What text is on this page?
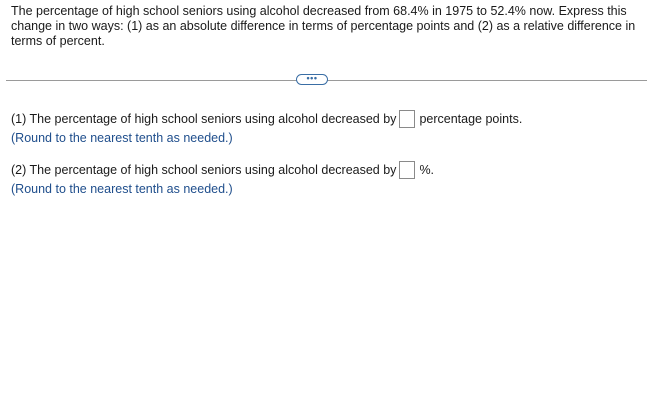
The percentage of high school seniors using alcohol decreased from 68.4% in 1975 to 52.4% now. Express this change in two ways: (1) as an absolute difference in terms of percentage points and (2) as a relative difference in terms of percent.
•••
(1) The percentage of high school seniors using alcohol decreased by percentage points.
(Round to the nearest tenth as needed.)
(2) The percentage of high school seniors using alcohol decreased by %.
(Round to the nearest tenth as needed.)
